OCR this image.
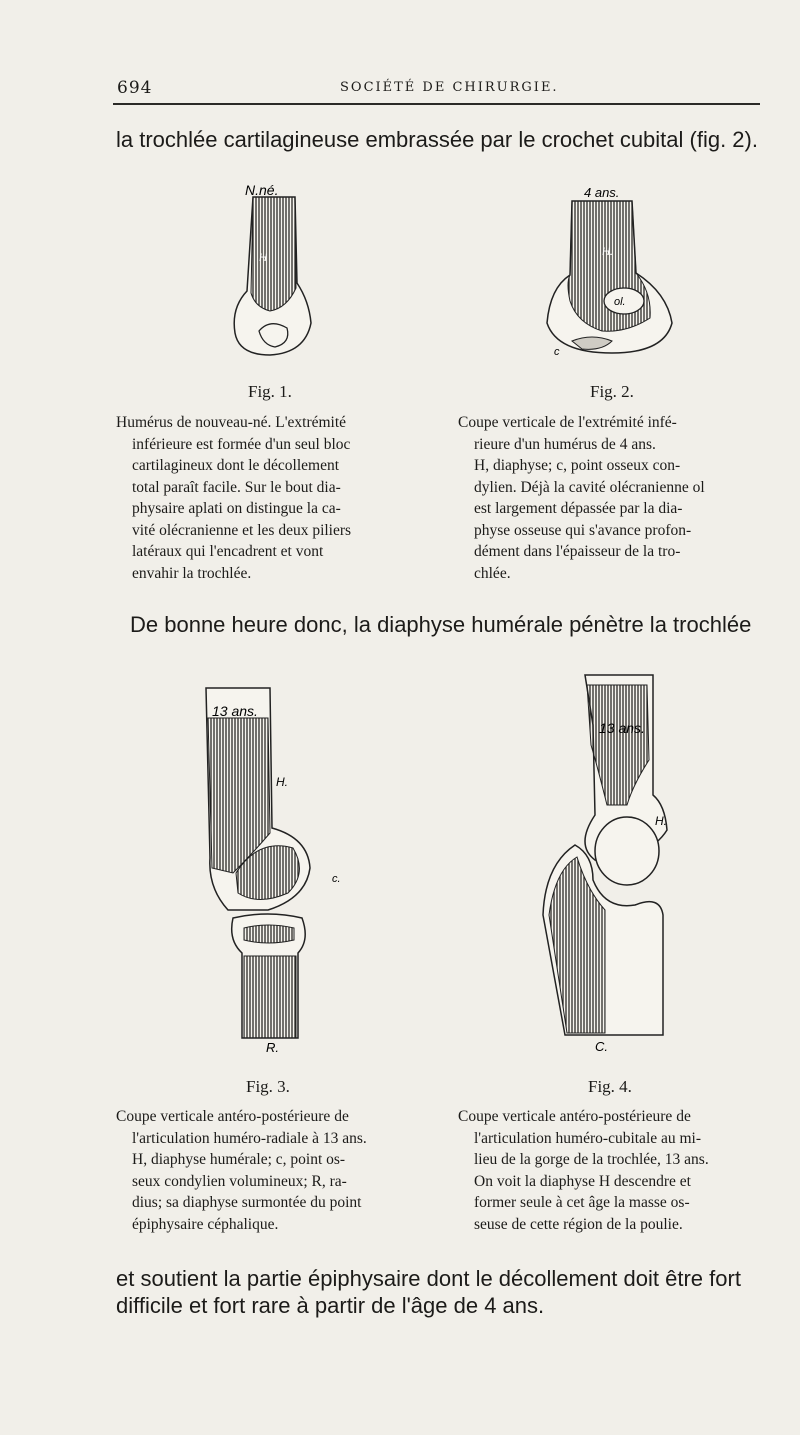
694	SOCIÉTÉ DE CHIRURGIE.
la trochlée cartilagineuse embrassée par le crochet cubital (fig. 2).
N.né.
H
Fig. 1.
Humérus de nouveau-né. L'extrémité
inférieure est formée d'un seul bloc
cartilagineux dont le décollement
total paraît facile. Sur le bout dia-
physaire aplati on distingue la ca-
vité olécranienne et les deux piliers
latéraux qui l'encadrent et vont
envahir la trochlée.
4 ans.
H.
ol.
c
Fig. 2.
Coupe verticale de l'extrémité infé-
rieure d'un humérus de 4 ans.
H, diaphyse; c, point osseux con-
dylien. Déjà la cavité olécranienne ol
est largement dépassée par la dia-
physe osseuse qui s'avance profon-
dément dans l'épaisseur de la tro-
chlée.
De bonne heure donc, la diaphyse humérale pénètre la trochlée
13 ans.
H.
c.
R.
Fig. 3.
Coupe verticale antéro-postérieure de
l'articulation huméro-radiale à 13 ans.
H, diaphyse humérale; c, point os-
seux condylien volumineux; R, ra-
dius; sa diaphyse surmontée du point
épiphysaire céphalique.
13 ans.
H.
C.
Fig. 4.
Coupe verticale antéro-postérieure de
l'articulation huméro-cubitale au mi-
lieu de la gorge de la trochlée, 13 ans.
On voit la diaphyse H descendre et
former seule à cet âge la masse os-
seuse de cette région de la poulie.
et soutient la partie épiphysaire dont le décollement doit être fort
difficile et fort rare à partir de l'âge de 4 ans.
